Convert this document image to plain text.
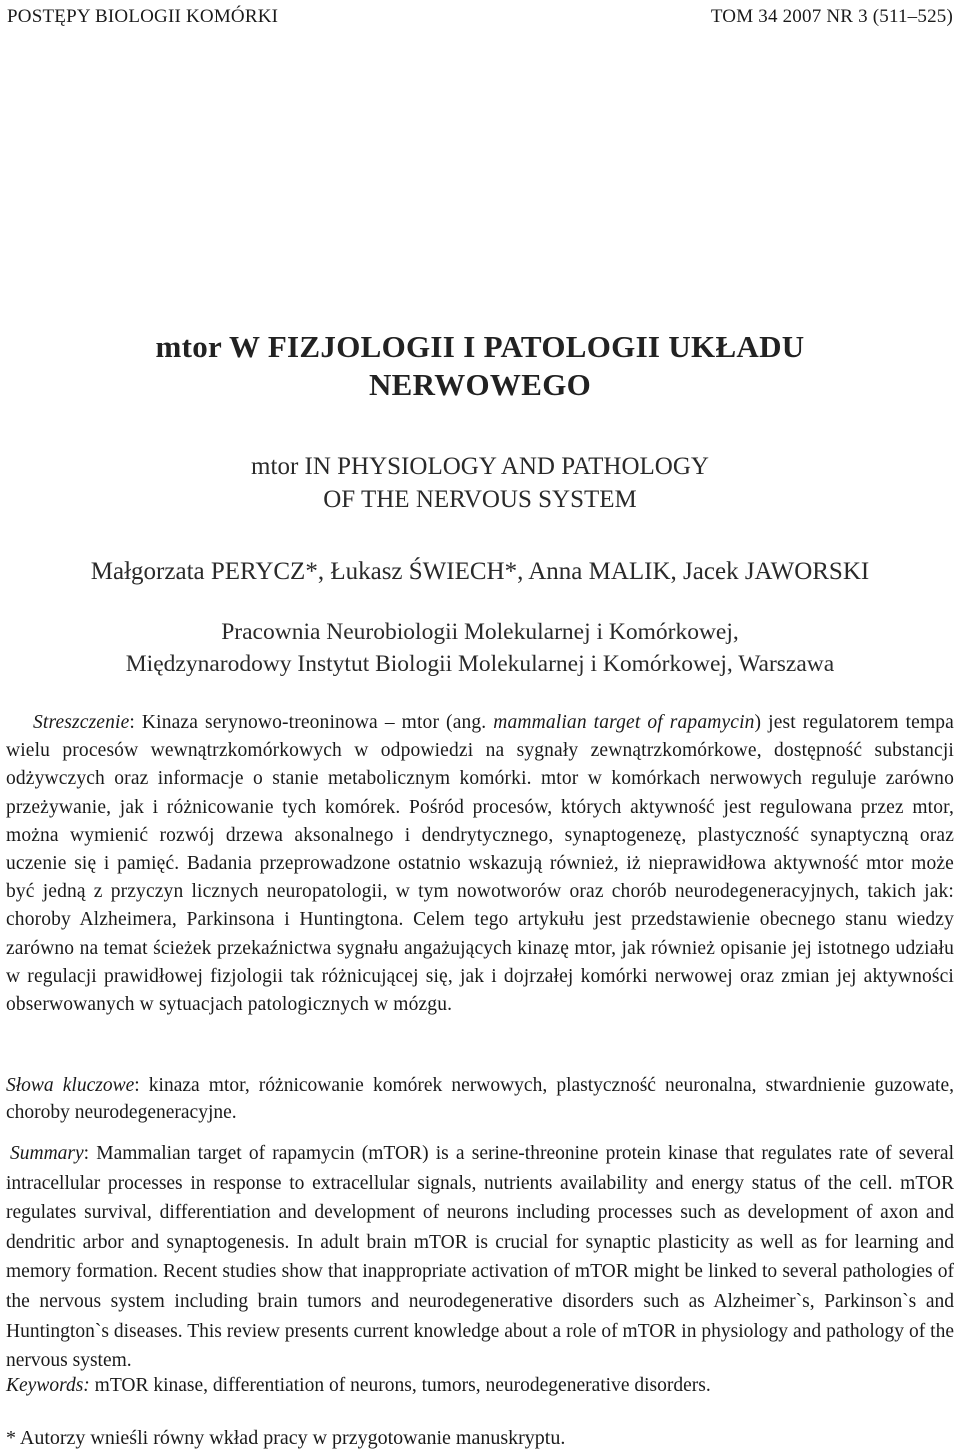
POSTĘPY BIOLOGII KOMÓRKI	TOM 34 2007 NR 3 (511–525)
mtor W FIZJOLOGII I PATOLOGII UKŁADU
NERWOWEGO
mtor IN PHYSIOLOGY AND PATHOLOGY
OF THE NERVOUS SYSTEM
Małgorzata PERYCZ*, Łukasz ŚWIECH*, Anna MALIK, Jacek JAWORSKI
Pracownia Neurobiologii Molekularnej i Komórkowej,
Międzynarodowy Instytut Biologii Molekularnej i Komórkowej, Warszawa

Streszczenie: Kinaza serynowo-treoninowa – mtor (ang. mammalian target of rapamycin) jest regulatorem tempa wielu procesów wewnątrzkomórkowych w odpowiedzi na sygnały zewnątrzkomórkowe, dostępność substancji odżywczych oraz informacje o stanie metabolicznym komórki. mtor w komórkach nerwowych reguluje zarówno przeżywanie, jak i różnicowanie tych komórek. Pośród procesów, których aktywność jest regulowana przez mtor, można wymienić rozwój drzewa aksonalnego i dendrytycznego, synaptogenezę, plastyczność synaptyczną oraz uczenie się i pamięć. Badania przeprowadzone ostatnio wskazują również, iż nieprawidłowa aktywność mtor może być jedną z przyczyn licznych neuropatologii, w tym nowotworów oraz chorób neurodegeneracyjnych, takich jak: choroby Alzheimera, Parkinsona i Huntingtona. Celem tego artykułu jest przedstawienie obecnego stanu wiedzy zarówno na temat ścieżek przekaźnictwa sygnału angażujących kinazę mtor, jak również opisanie jej istotnego udziału w regulacji prawidłowej fizjologii tak różnicującej się, jak i dojrzałej komórki nerwowej oraz zmian jej aktywności obserwowanych w sytuacjach patologicznych w mózgu.

Słowa kluczowe: kinaza mtor, różnicowanie komórek nerwowych, plastyczność neuronalna, stwardnienie guzowate, choroby neurodegeneracyjne.

Summary: Mammalian target of rapamycin (mTOR) is a serine-threonine protein kinase that regulates rate of several intracellular processes in response to extracellular signals, nutrients availability and energy status of the cell. mTOR regulates survival, differentiation and development of neurons including processes such as development of axon and dendritic arbor and synaptogenesis. In adult brain mTOR is crucial for synaptic plasticity as well as for learning and memory formation. Recent studies show that inappropriate activation of mTOR might be linked to several pathologies of the nervous system including brain tumors and neurodegenerative disorders such as Alzheimer`s, Parkinson`s and Huntington`s diseases. This review presents current knowledge about a role of mTOR in physiology and pathology of the nervous system.

Keywords: mTOR kinase, differentiation of neurons, tumors, neurodegenerative disorders.

* Autorzy wnieśli równy wkład pracy w przygotowanie manuskryptu.
